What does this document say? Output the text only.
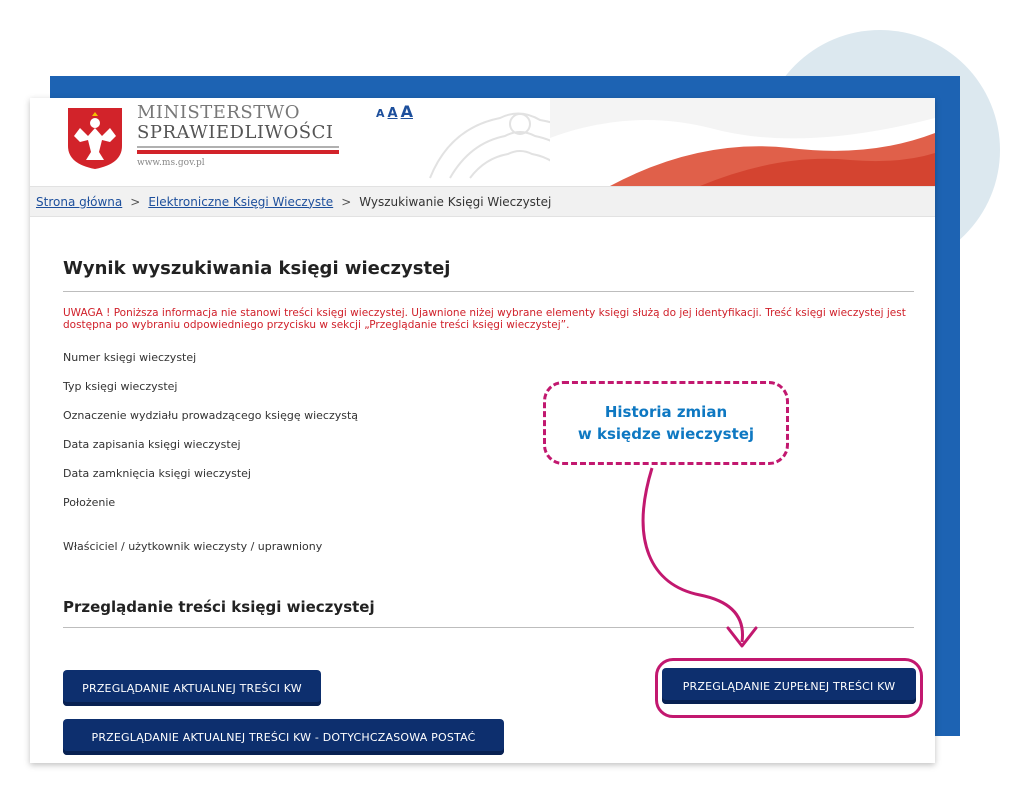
MINISTERSTWO
SPRAWIEDLIWOŚCI
www.ms.gov.pl
A A A
Strona główna > Elektroniczne Księgi Wieczyste > Wyszukiwanie Księgi Wieczystej
Wynik wyszukiwania księgi wieczystej
UWAGA ! Poniższa informacja nie stanowi treści księgi wieczystej. Ujawnione niżej wybrane elementy księgi służą do jej identyfikacji. Treść księgi wieczystej jest dostępna po wybraniu odpowiedniego przycisku w sekcji „Przeglądanie treści księgi wieczystej”.
Numer księgi wieczystej
Typ księgi wieczystej
Oznaczenie wydziału prowadzącego księgę wieczystą
Data zapisania księgi wieczystej
Data zamknięcia księgi wieczystej
Położenie
Właściciel / użytkownik wieczysty / uprawniony
Przeglądanie treści księgi wieczystej
PRZEGLĄDANIE AKTUALNEJ TREŚCI KW
PRZEGLĄDANIE AKTUALNEJ TREŚCI KW - DOTYCHCZASOWA POSTAĆ
PRZEGLĄDANIE ZUPEŁNEJ TREŚCI KW
Historia zmian
w księdze wieczystej
